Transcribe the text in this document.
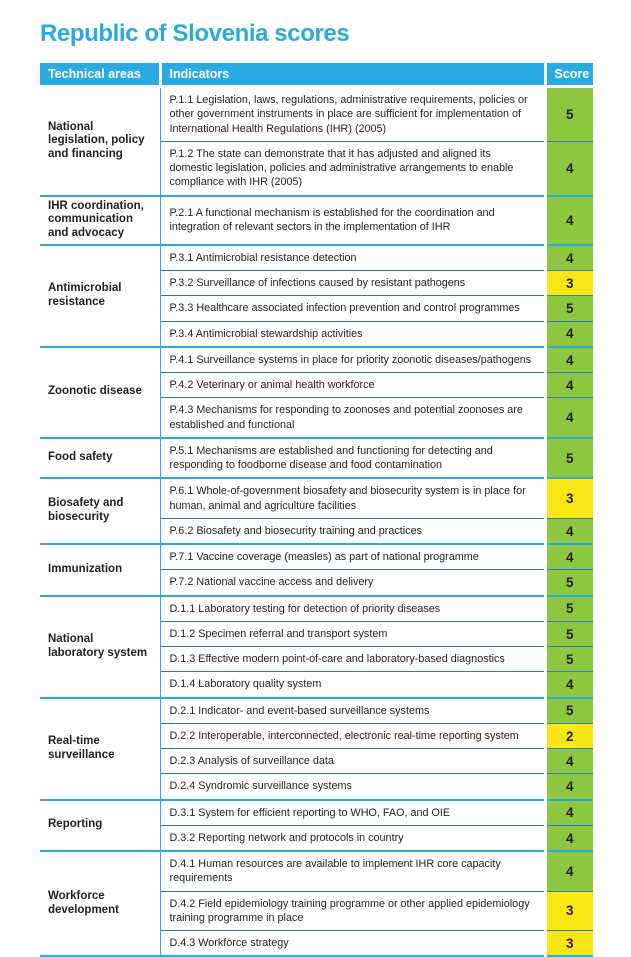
Republic of Slovenia scores
Technical areas	Indicators	Score
National legislation, policy and financing	P.1.1 Legislation, laws, regulations, administrative requirements, policies or other government instruments in place are sufficient for implementation of International Health Regulations (IHR) (2005)	5
	P.1.2 The state can demonstrate that it has adjusted and aligned its domestic legislation, policies and administrative arrangements to enable compliance with IHR (2005)	4
IHR coordination, communication and advocacy	P.2.1 A functional mechanism is established for the coordination and integration of relevant sectors in the implementation of IHR	4
Antimicrobial resistance	P.3.1 Antimicrobial resistance detection	4
	P.3.2 Surveillance of infections caused by resistant pathogens	3
	P.3.3 Healthcare associated infection prevention and control programmes	5
	P.3.4 Antimicrobial stewardship activities	4
Zoonotic disease	P.4.1 Surveillance systems in place for priority zoonotic diseases/pathogens	4
	P.4.2 Veterinary or animal health workforce	4
	P.4.3 Mechanisms for responding to zoonoses and potential zoonoses are established and functional	4
Food safety	P.5.1 Mechanisms are established and functioning for detecting and responding to foodborne disease and food contamination	5
Biosafety and biosecurity	P.6.1 Whole-of-government biosafety and biosecurity system is in place for human, animal and agriculture facilities	3
	P.6.2 Biosafety and biosecurity training and practices	4
Immunization	P.7.1 Vaccine coverage (measles) as part of national programme	4
	P.7.2 National vaccine access and delivery	5
National laboratory system	D.1.1 Laboratory testing for detection of priority diseases	5
	D.1.2 Specimen referral and transport system	5
	D.1.3 Effective modern point-of-care and laboratory-based diagnostics	5
	D.1.4 Laboratory quality system	4
Real-time surveillance	D.2.1 Indicator- and event-based surveillance systems	5
	D.2.2 Interoperable, interconnected, electronic real-time reporting system	2
	D.2.3 Analysis of surveillance data	4
	D.2.4 Syndromic surveillance systems	4
Reporting	D.3.1 System for efficient reporting to WHO, FAO, and OIE	4
	D.3.2 Reporting network and protocols in country	4
Workforce development	D.4.1 Human resources are available to implement IHR core capacity requirements	4
	D.4.2 Field epidemiology training programme or other applied epidemiology training programme in place	3
	D.4.3 Workforce strategy	3
